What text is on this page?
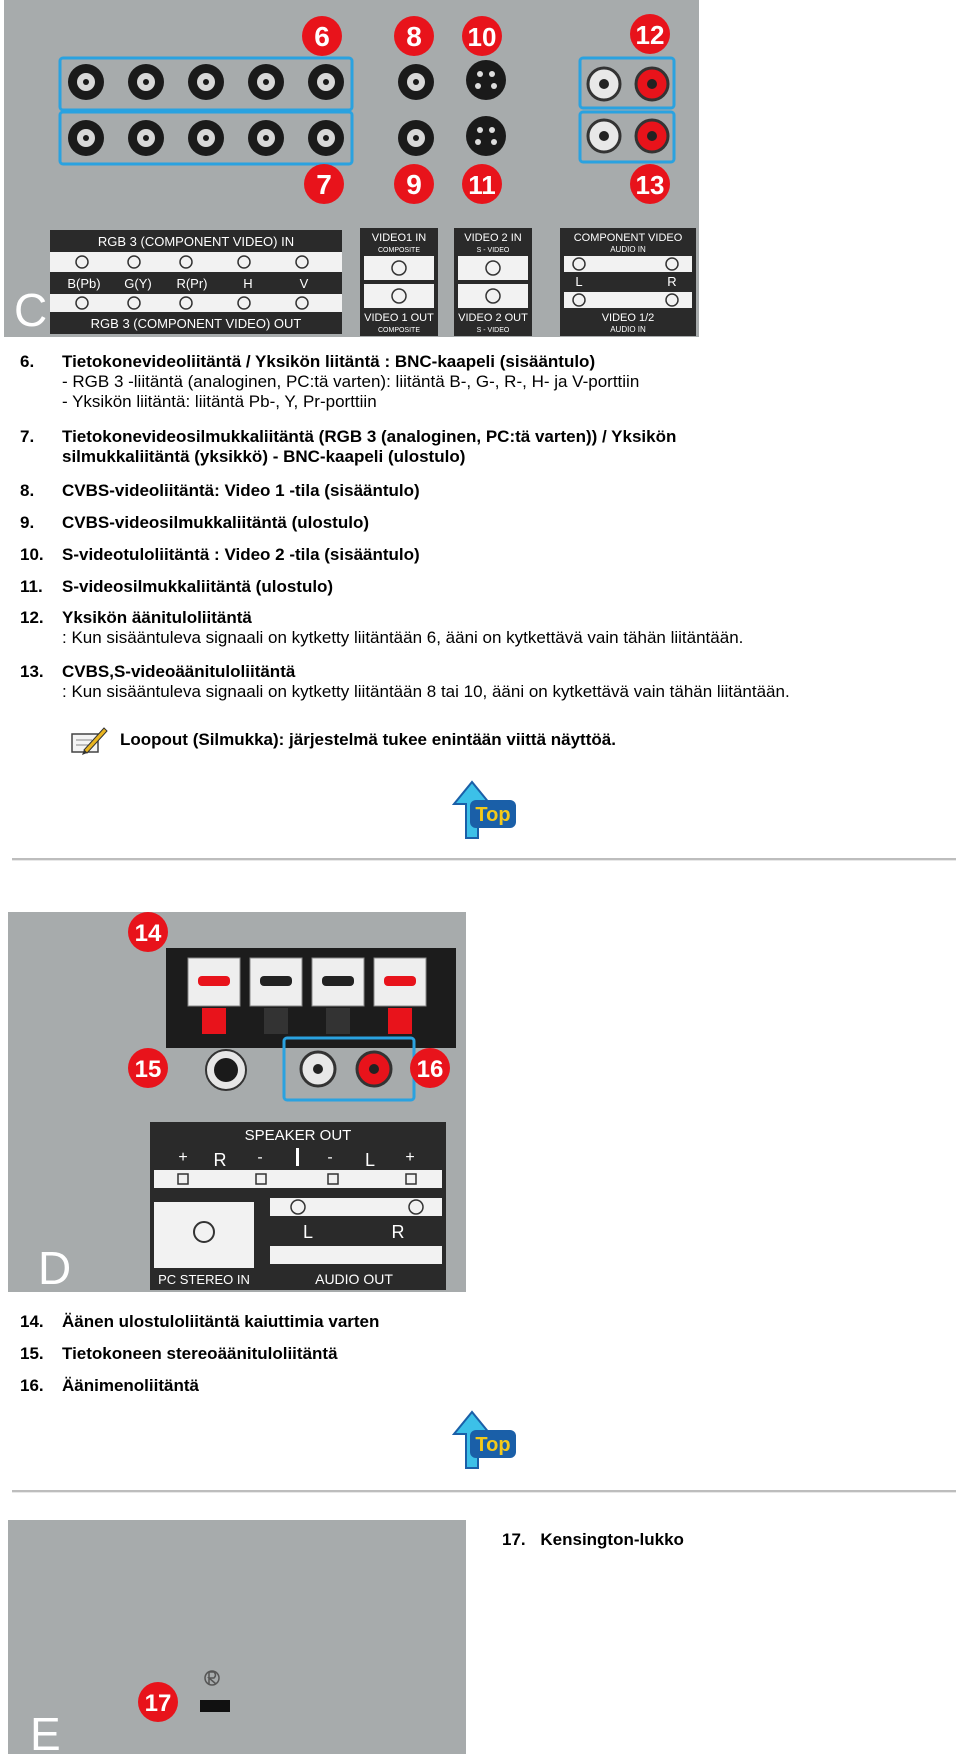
6	8 10	12
7	9 11	13
RGB 3 (COMPONENT VIDEO) IN
B(Pb) G(Y) R(Pr)	H	V
RGB 3 (COMPONENT VIDEO) OUT
VIDEO1 IN
COMPOSITE
VIDEO 1 OUT
COMPOSITE
VIDEO 2 IN
S - VIDEO
VIDEO 2 OUT
S - VIDEO
COMPONENT VIDEO
AUDIO IN
L	R
VIDEO 1/2
AUDIO IN
C
6. Tietokonevideoliitäntä / Yksikön liitäntä : BNC-kaapeli (sisääntulo)
- RGB 3 -liitäntä (analoginen, PC:tä varten): liitäntä B-, G-, R-, H- ja V-porttiin
- Yksikön liitäntä: liitäntä Pb-, Y, Pr-porttiin
7. Tietokonevideosilmukkaliitäntä (RGB 3 (analoginen, PC:tä varten)) / Yksikön silmukkaliitäntä (yksikkö) - BNC-kaapeli (ulostulo)
8. CVBS-videoliitäntä: Video 1 -tila (sisääntulo)
9. CVBS-videosilmukkaliitäntä (ulostulo)
10. S-videotuloliitäntä : Video 2 -tila (sisääntulo)
11. S-videosilmukkaliitäntä (ulostulo)
12. Yksikön äänituloliitäntä
: Kun sisääntuleva signaali on kytketty liitäntään 6, ääni on kytkettävä vain tähän liitäntään.
13. CVBS,S-videoäänituloliitäntä
: Kun sisääntuleva signaali on kytketty liitäntään 8 tai 10, ääni on kytkettävä vain tähän liitäntään.
Loopout (Silmukka): järjestelmä tukee enintään viittä näyttöä.
Top
14
15	16
SPEAKER OUT
+ R -	- L +
PC STEREO IN
L	R
AUDIO OUT
D
14. Äänen ulostuloliitäntä kaiuttimia varten
15. Tietokoneen stereoäänituloliitäntä
16. Äänimenoliitäntä
Top
17
E
17. Kensington-lukko
